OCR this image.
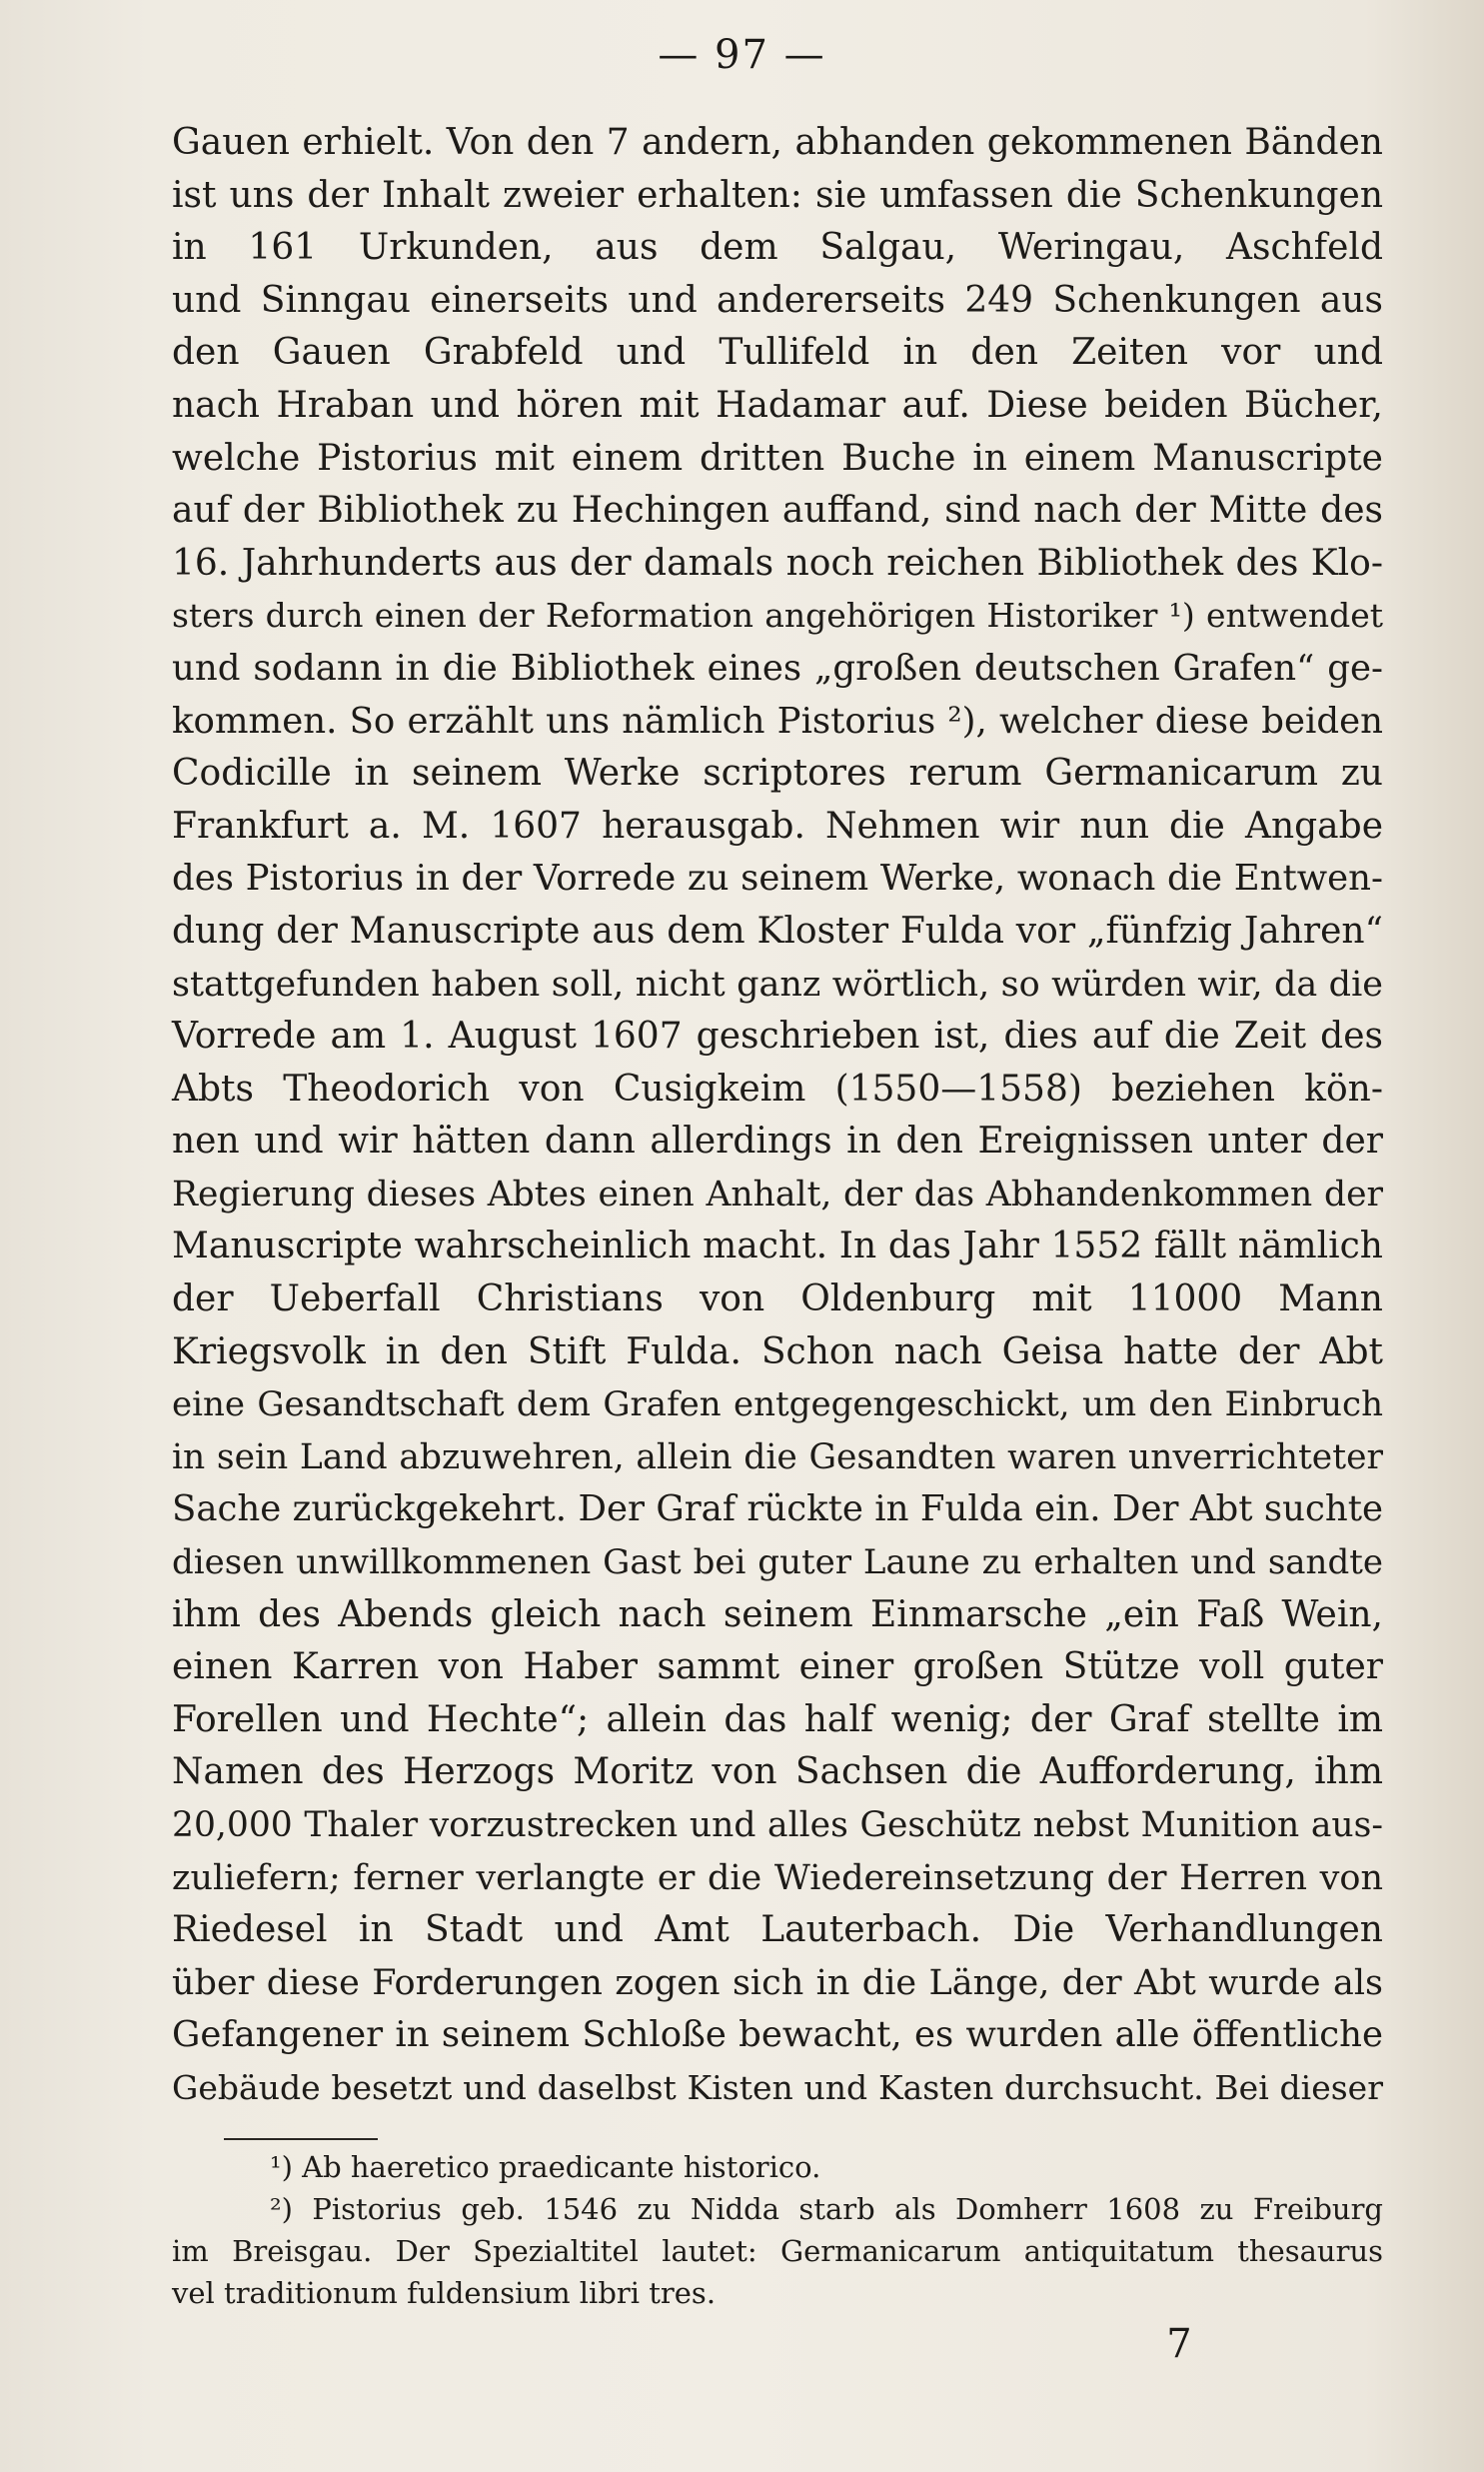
— 97 —
Gauen erhielt. Von den 7 andern, abhanden gekommenen Bänden
ist uns der Inhalt zweier erhalten: sie umfassen die Schenkungen
in 161 Urkunden, aus dem Salgau, Weringau, Aschfeld
und Sinngau einerseits und andererseits 249 Schenkungen aus
den Gauen Grabfeld und Tullifeld in den Zeiten vor und
nach Hraban und hören mit Hadamar auf. Diese beiden Bücher,
welche Pistorius mit einem dritten Buche in einem Manuscripte
auf der Bibliothek zu Hechingen auffand, sind nach der Mitte des
16. Jahrhunderts aus der damals noch reichen Bibliothek des Klo-
sters durch einen der Reformation angehörigen Historiker ¹) entwendet
und sodann in die Bibliothek eines „großen deutschen Grafen“ ge-
kommen. So erzählt uns nämlich Pistorius ²), welcher diese beiden
Codicille in seinem Werke scriptores rerum Germanicarum zu
Frankfurt a. M. 1607 herausgab. Nehmen wir nun die Angabe
des Pistorius in der Vorrede zu seinem Werke, wonach die Entwen-
dung der Manuscripte aus dem Kloster Fulda vor „fünfzig Jahren“
stattgefunden haben soll, nicht ganz wörtlich, so würden wir, da die
Vorrede am 1. August 1607 geschrieben ist, dies auf die Zeit des
Abts Theodorich von Cusigkeim (1550—1558) beziehen kön-
nen und wir hätten dann allerdings in den Ereignissen unter der
Regierung dieses Abtes einen Anhalt, der das Abhandenkommen der
Manuscripte wahrscheinlich macht. In das Jahr 1552 fällt nämlich
der Ueberfall Christians von Oldenburg mit 11000 Mann
Kriegsvolk in den Stift Fulda. Schon nach Geisa hatte der Abt
eine Gesandtschaft dem Grafen entgegengeschickt, um den Einbruch
in sein Land abzuwehren, allein die Gesandten waren unverrichteter
Sache zurückgekehrt. Der Graf rückte in Fulda ein. Der Abt suchte
diesen unwillkommenen Gast bei guter Laune zu erhalten und sandte
ihm des Abends gleich nach seinem Einmarsche „ein Faß Wein,
einen Karren von Haber sammt einer großen Stütze voll guter
Forellen und Hechte“; allein das half wenig; der Graf stellte im
Namen des Herzogs Moritz von Sachsen die Aufforderung, ihm
20,000 Thaler vorzustrecken und alles Geschütz nebst Munition aus-
zuliefern; ferner verlangte er die Wiedereinsetzung der Herren von
Riedesel in Stadt und Amt Lauterbach. Die Verhandlungen
über diese Forderungen zogen sich in die Länge, der Abt wurde als
Gefangener in seinem Schloße bewacht, es wurden alle öffentliche
Gebäude besetzt und daselbst Kisten und Kasten durchsucht. Bei dieser
¹) Ab haeretico praedicante historico.
²) Pistorius geb. 1546 zu Nidda starb als Domherr 1608 zu Freiburg
im Breisgau. Der Spezialtitel lautet: Germanicarum antiquitatum thesaurus
vel traditionum fuldensium libri tres.
7
